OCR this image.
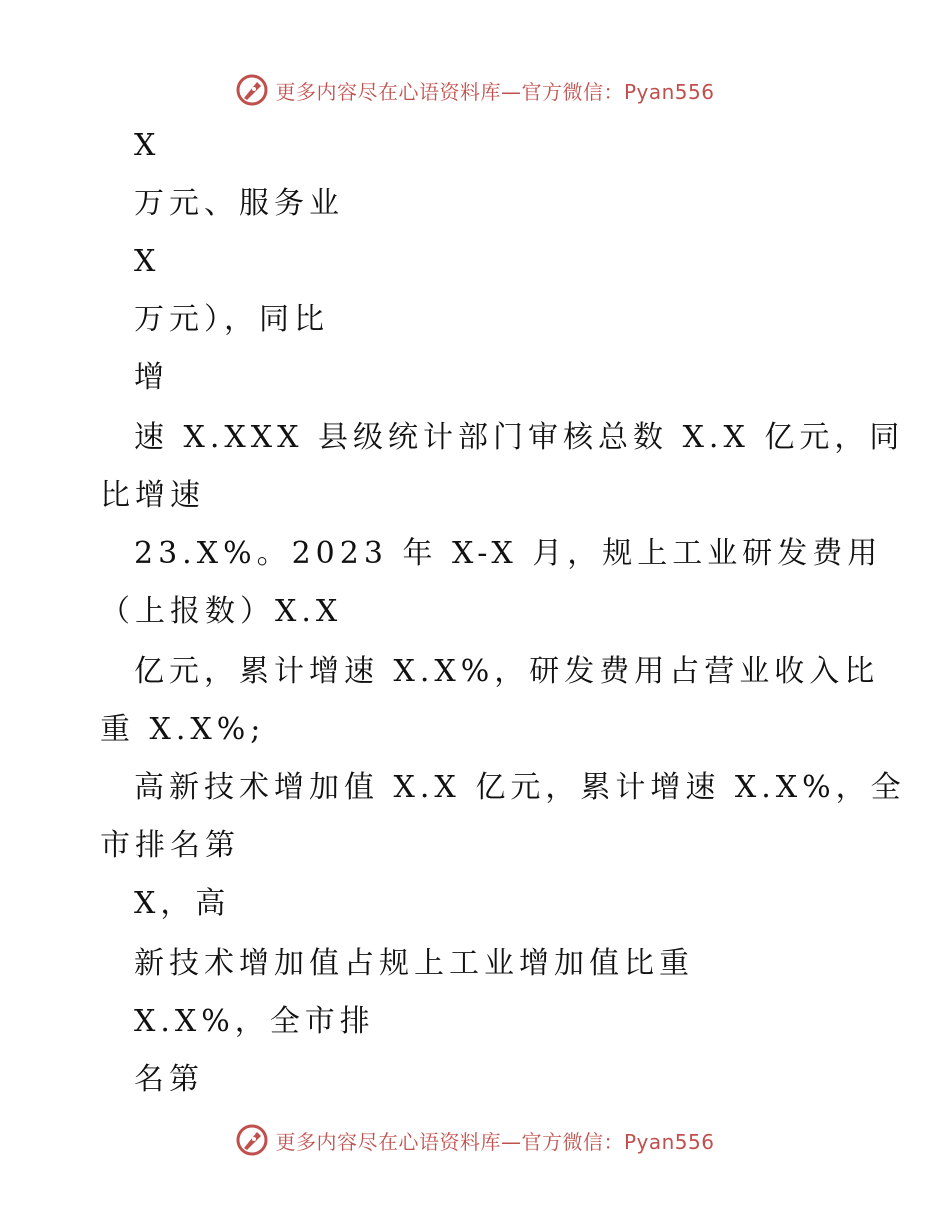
更多内容尽在心语资料库—官方微信：Pyan556
X
万元、服务业
X
万元），同比
增
速 X.XXX 县级统计部门审核总数 X.X 亿元，同
比增速
23.X%。2023 年 X-X 月，规上工业研发费用
（上报数）X.X
亿元，累计增速 X.X%，研发费用占营业收入比
重 X.X%;
高新技术增加值 X.X 亿元，累计增速 X.X%，全
市排名第
X，高
新技术增加值占规上工业增加值比重
X.X%，全市排
名第
更多内容尽在心语资料库—官方微信：Pyan556
